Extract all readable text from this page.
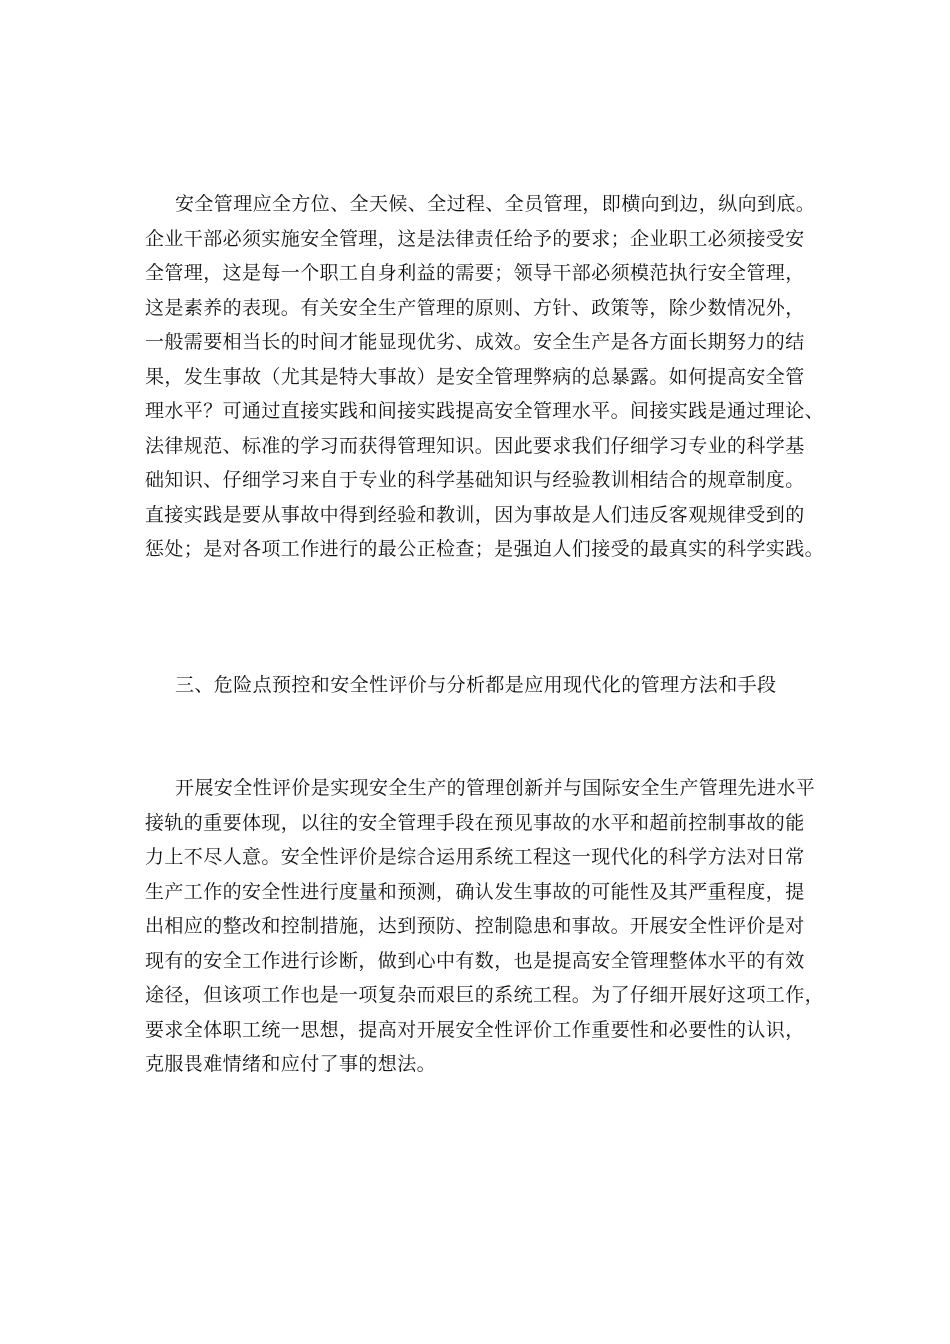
安全管理应全方位、全天候、全过程、全员管理，即横向到边，纵向到底。
企业干部必须实施安全管理，这是法律责任给予的要求；企业职工必须接受安
全管理，这是每一个职工自身利益的需要；领导干部必须模范执行安全管理，
这是素养的表现。有关安全生产管理的原则、方针、政策等，除少数情况外，
一般需要相当长的时间才能显现优劣、成效。安全生产是各方面长期努力的结
果，发生事故（尤其是特大事故）是安全管理弊病的总暴露。如何提高安全管
理水平？可通过直接实践和间接实践提高安全管理水平。间接实践是通过理论、
法律规范、标准的学习而获得管理知识。因此要求我们仔细学习专业的科学基
础知识、仔细学习来自于专业的科学基础知识与经验教训相结合的规章制度。
直接实践是要从事故中得到经验和教训，因为事故是人们违反客观规律受到的
惩处；是对各项工作进行的最公正检查；是强迫人们接受的最真实的科学实践。
三、危险点预控和安全性评价与分析都是应用现代化的管理方法和手段
开展安全性评价是实现安全生产的管理创新并与国际安全生产管理先进水平
接轨的重要体现，以往的安全管理手段在预见事故的水平和超前控制事故的能
力上不尽人意。安全性评价是综合运用系统工程这一现代化的科学方法对日常
生产工作的安全性进行度量和预测，确认发生事故的可能性及其严重程度，提
出相应的整改和控制措施，达到预防、控制隐患和事故。开展安全性评价是对
现有的安全工作进行诊断，做到心中有数，也是提高安全管理整体水平的有效
途径，但该项工作也是一项复杂而艰巨的系统工程。为了仔细开展好这项工作，
要求全体职工统一思想，提高对开展安全性评价工作重要性和必要性的认识，
克服畏难情绪和应付了事的想法。
